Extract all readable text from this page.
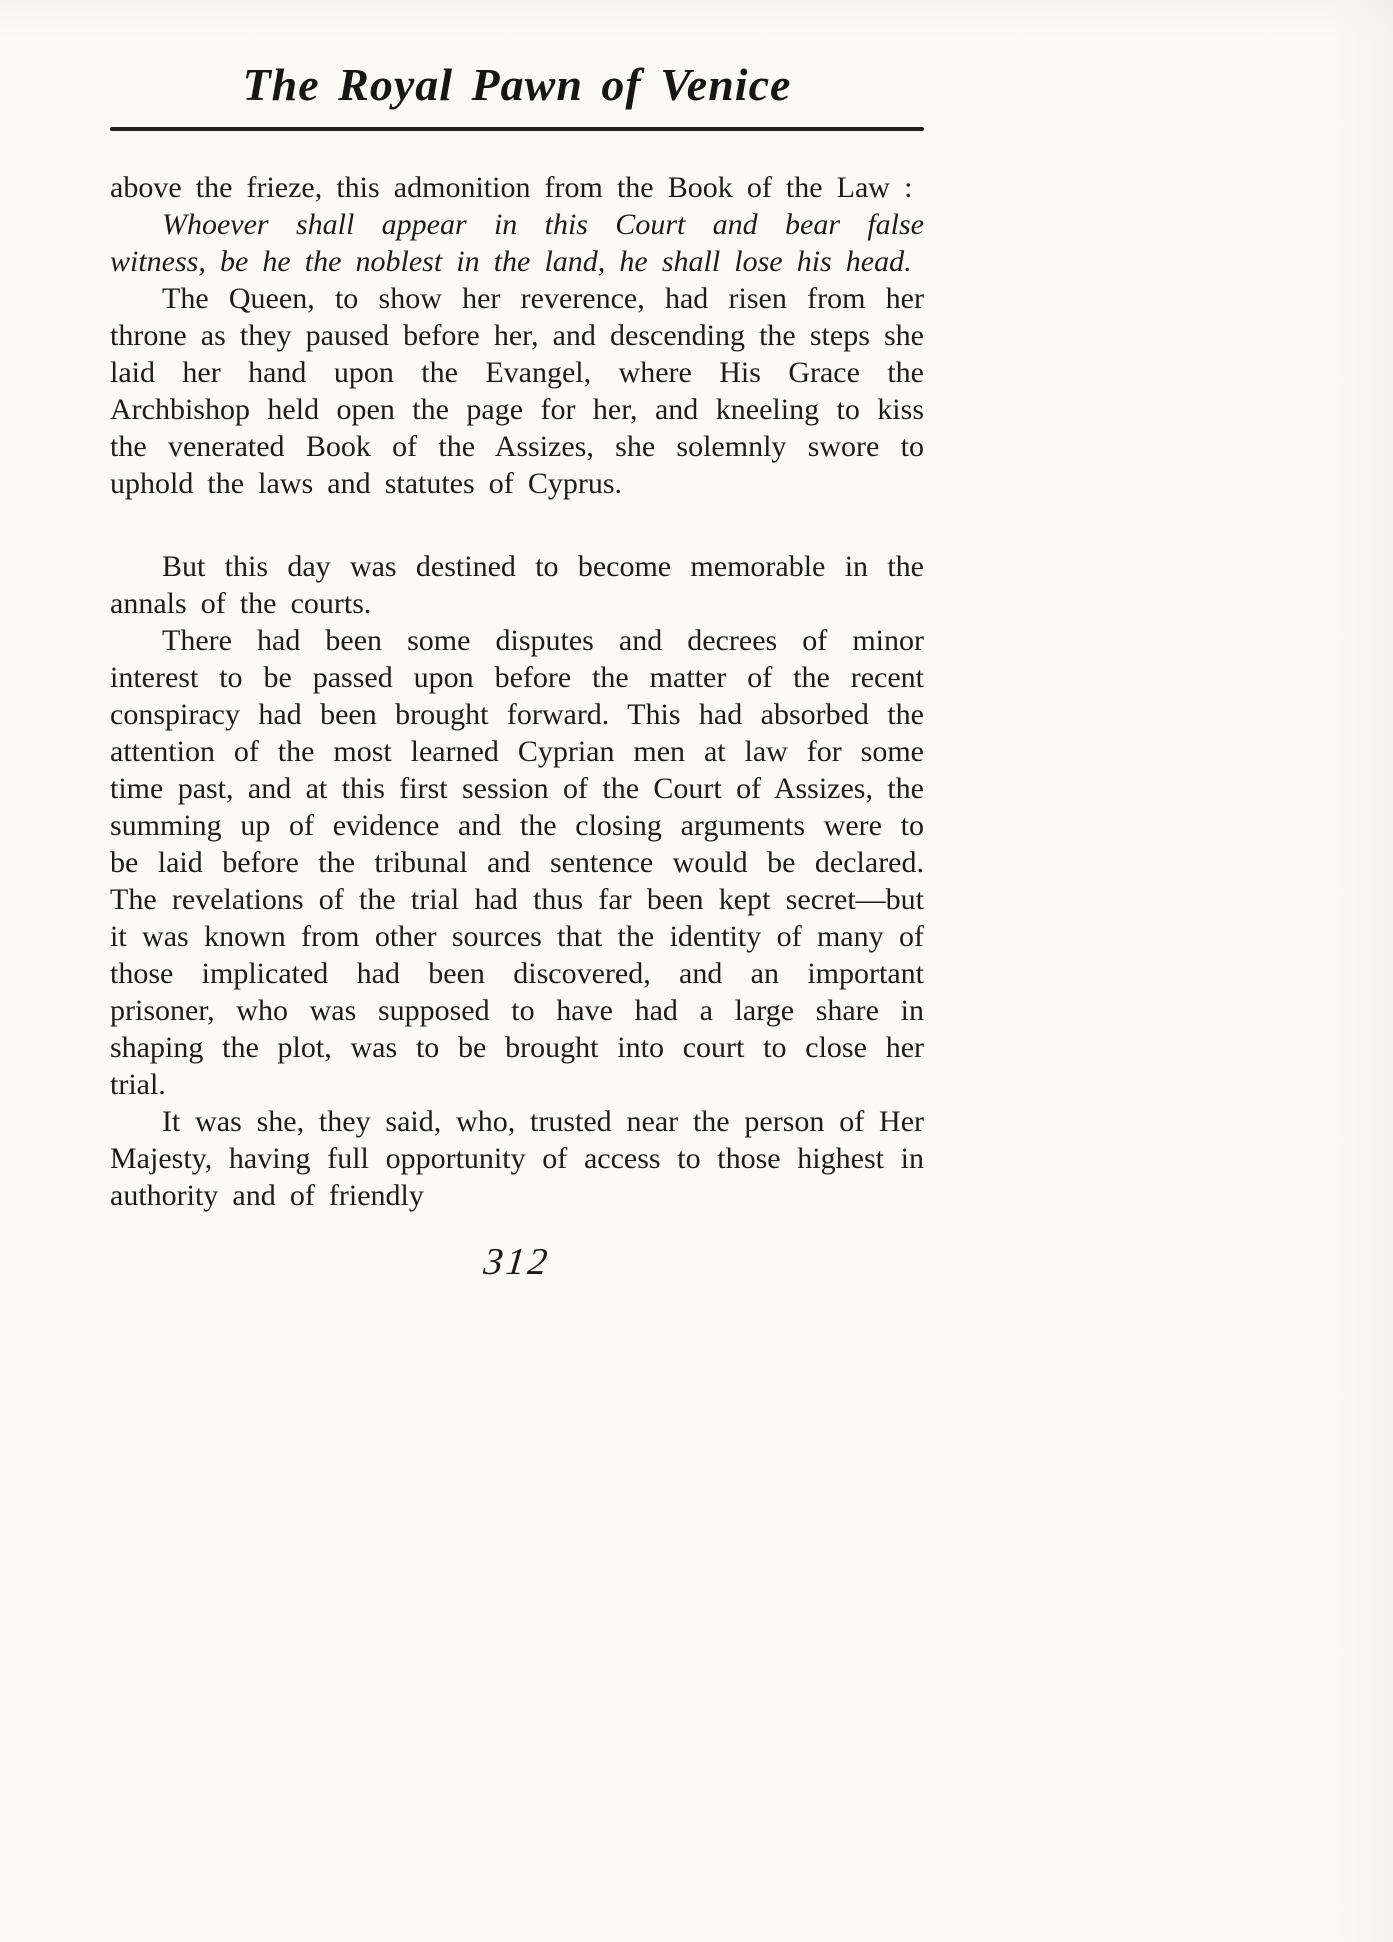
The Royal Pawn of Venice

above the frieze, this admonition from the Book of the Law :

Whoever shall appear in this Court and bear false witness, be he the noblest in the land, he shall lose his head.

The Queen, to show her reverence, had risen from her throne as they paused before her, and descending the steps she laid her hand upon the Evangel, where His Grace the Archbishop held open the page for her, and kneeling to kiss the venerated Book of the Assizes, she solemnly swore to uphold the laws and statutes of Cyprus.

But this day was destined to become memorable in the annals of the courts.

There had been some disputes and decrees of minor interest to be passed upon before the matter of the recent conspiracy had been brought forward. This had absorbed the attention of the most learned Cyprian men at law for some time past, and at this first session of the Court of Assizes, the summing up of evidence and the closing arguments were to be laid before the tribunal and sentence would be declared. The revelations of the trial had thus far been kept secret—but it was known from other sources that the identity of many of those implicated had been discovered, and an important prisoner, who was supposed to have had a large share in shaping the plot, was to be brought into court to close her trial.

It was she, they said, who, trusted near the person of Her Majesty, having full opportunity of access to those highest in authority and of friendly

312
